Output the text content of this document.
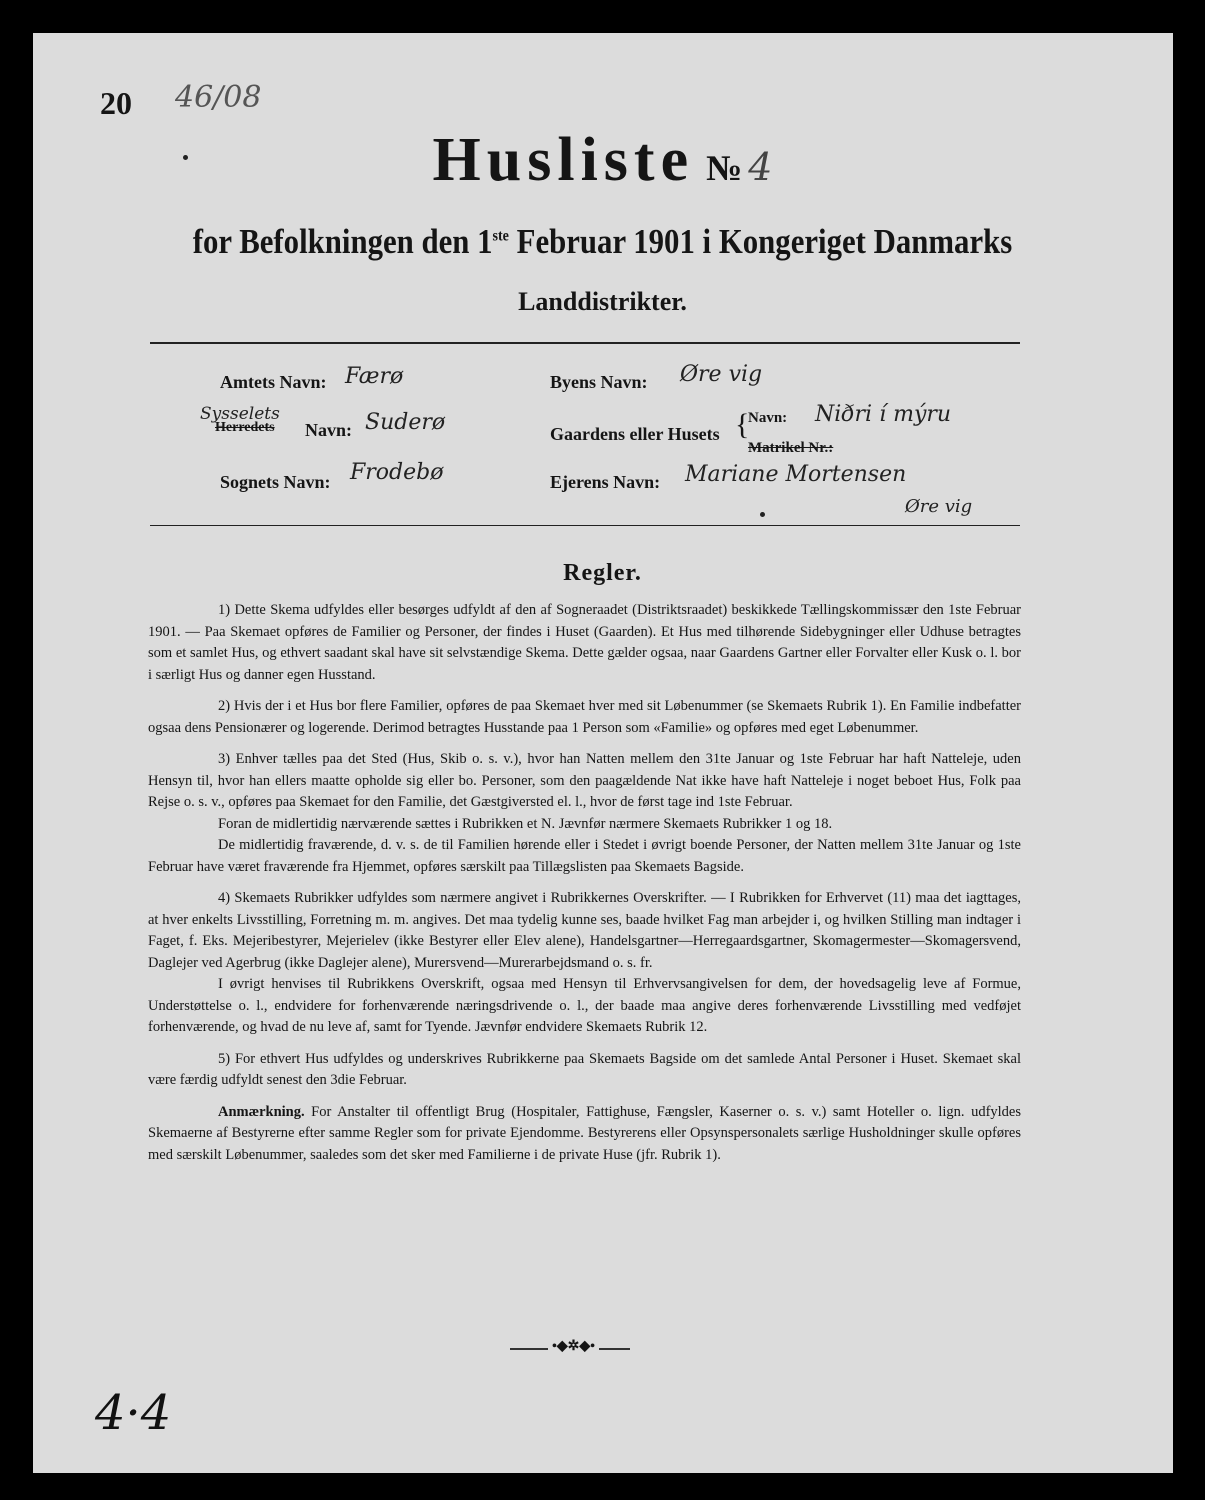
20 46/08
Husliste № 4
for Befolkningen den 1ste Februar 1901 i Kongeriget Danmarks
Landdistrikter.
Amtets Navn: Færø
Sysselets
Herredets Navn: Suderø
Sognets Navn: Frodebø
Byens Navn: Øre vig
Gaardens eller Husets {
Navn: Niðri í mýru
Matrikel Nr.:
Ejerens Navn: Mariane Mortensen
Øre vig
Regler.

1) Dette Skema udfyldes eller besørges udfyldt af den af Sogneraadet (Distriktsraadet) beskikkede Tællingskommissær den 1ste Februar 1901. — Paa Skemaet opføres de Familier og Personer, der findes i Huset (Gaarden). Et Hus med tilhørende Sidebygninger eller Udhuse betragtes som et samlet Hus, og ethvert saadant skal have sit selvstændige Skema. Dette gælder ogsaa, naar Gaardens Gartner eller Forvalter eller Kusk o. l. bor i særligt Hus og danner egen Husstand.

2) Hvis der i et Hus bor flere Familier, opføres de paa Skemaet hver med sit Løbenummer (se Skemaets Rubrik 1). En Familie indbefatter ogsaa dens Pensionærer og logerende. Derimod betragtes Husstande paa 1 Person som «Familie» og opføres med eget Løbenummer.

3) Enhver tælles paa det Sted (Hus, Skib o. s. v.), hvor han Natten mellem den 31te Januar og 1ste Februar har haft Natteleje, uden Hensyn til, hvor han ellers maatte opholde sig eller bo. Personer, som den paagældende Nat ikke have haft Natteleje i noget beboet Hus, Folk paa Rejse o. s. v., opføres paa Skemaet for den Familie, det Gæstgiversted el. l., hvor de først tage ind 1ste Februar.

Foran de midlertidig nærværende sættes i Rubrikken et N. Jævnfør nærmere Skemaets Rubrikker 1 og 18.

De midlertidig fraværende, d. v. s. de til Familien hørende eller i Stedet i øvrigt boende Personer, der Natten mellem 31te Januar og 1ste Februar have været fraværende fra Hjemmet, opføres særskilt paa Tillægslisten paa Skemaets Bagside.

4) Skemaets Rubrikker udfyldes som nærmere angivet i Rubrikkernes Overskrifter. — I Rubrikken for Erhvervet (11) maa det iagttages, at hver enkelts Livsstilling, Forretning m. m. angives. Det maa tydelig kunne ses, baade hvilket Fag man arbejder i, og hvilken Stilling man indtager i Faget, f. Eks. Mejeribestyrer, Mejerielev (ikke Bestyrer eller Elev alene), Handelsgartner—Herregaardsgartner, Skomagermester—Skomagersvend, Daglejer ved Agerbrug (ikke Daglejer alene), Murersvend—Murerarbejdsmand o. s. fr.

I øvrigt henvises til Rubrikkens Overskrift, ogsaa med Hensyn til Erhvervsangivelsen for dem, der hovedsagelig leve af Formue, Understøttelse o. l., endvidere for forhenværende næringsdrivende o. l., der baade maa angive deres forhenværende Livsstilling med vedføjet forhenværende, og hvad de nu leve af, samt for Tyende. Jævnfør endvidere Skemaets Rubrik 12.

5) For ethvert Hus udfyldes og underskrives Rubrikkerne paa Skemaets Bagside om det samlede Antal Personer i Huset. Skemaet skal være færdig udfyldt senest den 3die Februar.

Anmærkning. For Anstalter til offentligt Brug (Hospitaler, Fattighuse, Fængsler, Kaserner o. s. v.) samt Hoteller o. lign. udfyldes Skemaerne af Bestyrerne efter samme Regler som for private Ejendomme. Bestyrerens eller Opsynspersonalets særlige Husholdninger skulle opføres med særskilt Løbenummer, saaledes som det sker med Familierne i de private Huse (jfr. Rubrik 1).

•◆✲◆•
4·4
